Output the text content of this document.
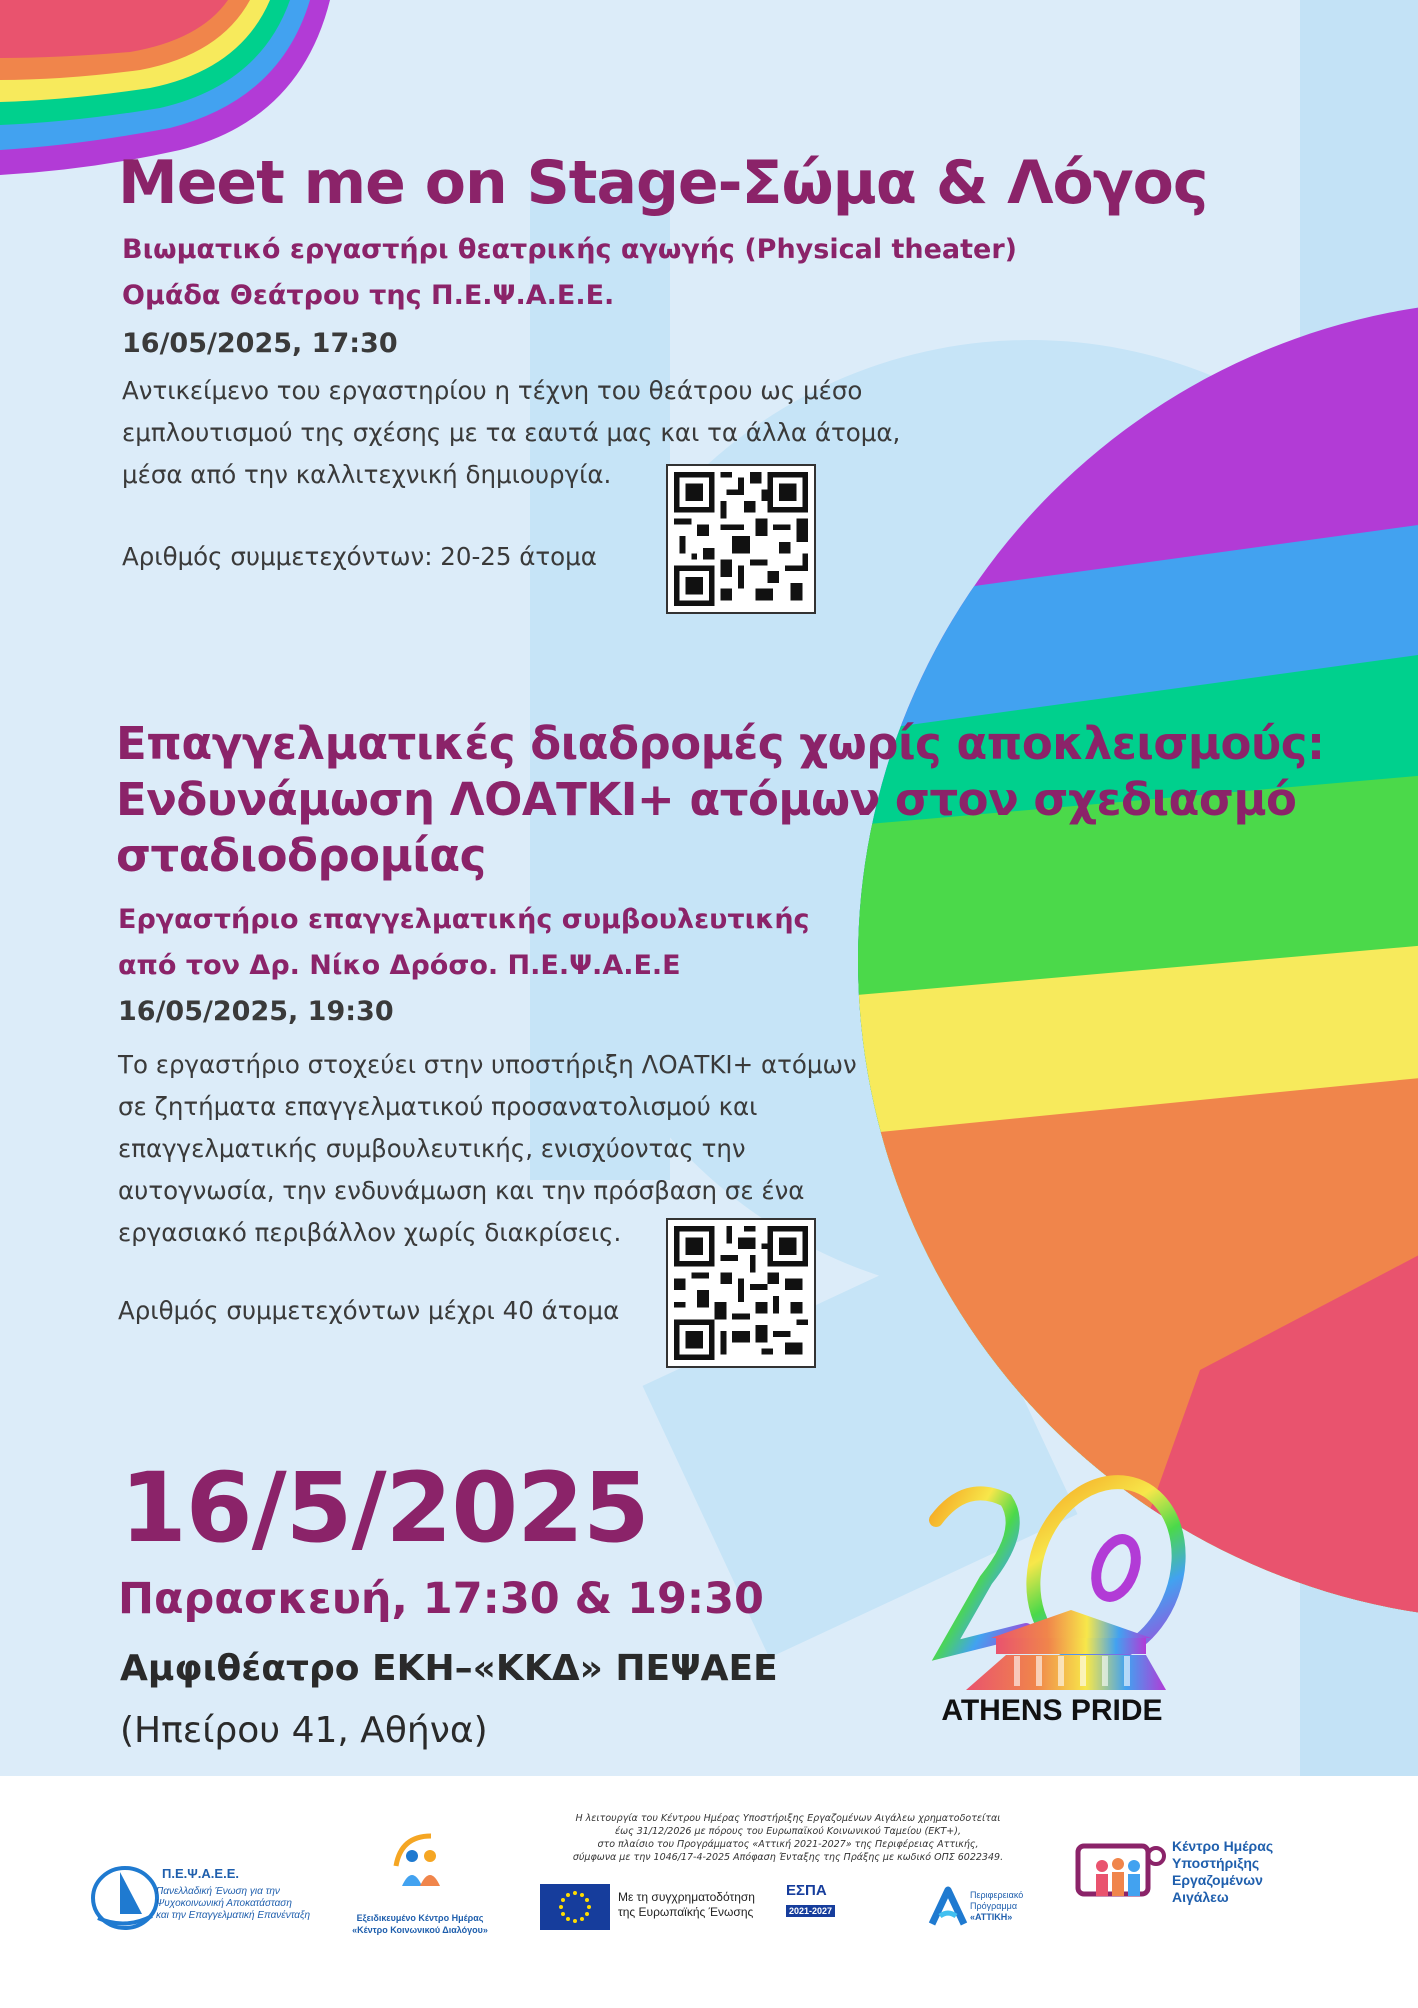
Meet me on Stage-Σώμα & Λόγος
Βιωματικό εργαστήρι θεατρικής αγωγής (Physical theater)
Ομάδα Θεάτρου της Π.Ε.Ψ.Α.Ε.Ε.
16/05/2025, 17:30
Αντικείμενο του εργαστηρίου η τέχνη του θεάτρου ως μέσο
εμπλουτισμού της σχέσης με τα εαυτά μας και τα άλλα άτομα,
μέσα από την καλλιτεχνική δημιουργία.
Αριθμός συμμετεχόντων: 20-25 άτομα
Επαγγελματικές διαδρομές χωρίς αποκλεισμούς:
Ενδυνάμωση ΛΟΑΤΚΙ+ ατόμων στον σχεδιασμό
σταδιοδρομίας
Εργαστήριο επαγγελματικής συμβουλευτικής
από τον Δρ. Νίκο Δρόσο. Π.Ε.Ψ.Α.Ε.Ε
16/05/2025, 19:30
Το εργαστήριο στοχεύει στην υποστήριξη ΛΟΑΤΚΙ+ ατόμων
σε ζητήματα επαγγελματικού προσανατολισμού και
επαγγελματικής συμβουλευτικής, ενισχύοντας την
αυτογνωσία, την ενδυνάμωση και την πρόσβαση σε ένα
εργασιακό περιβάλλον χωρίς διακρίσεις.
Αριθμός συμμετεχόντων μέχρι 40 άτομα
16/5/2025
Παρασκευή, 17:30 & 19:30
Αμφιθέατρο ΕΚΗ–«ΚΚΔ» ΠΕΨΑΕΕ
(Ηπείρου 41, Αθήνα)	ATHENS PRIDE
Π.Ε.Ψ.Α.Ε.Ε.
Πανελλαδική Ένωση για την
Ψυχοκοινωνική Αποκατάσταση
και την Επαγγελματική Επανένταξη	Εξειδικευμένο Κέντρο Ημέρας
«Κέντρο Κοινωνικού Διαλόγου»
Η λειτουργία του Κέντρου Ημέρας Υποστήριξης Εργαζομένων Αιγάλεω χρηματοδοτείται
έως 31/12/2026 με πόρους του Ευρωπαϊκού Κοινωνικού Ταμείου (ΕΚΤ+),
στο πλαίσιο του Προγράμματος «Αττική 2021-2027» της Περιφέρειας Αττικής,
σύμφωνα με την 1046/17-4-2025 Απόφαση Ένταξης της Πράξης με κωδικό ΟΠΣ 6022349.
Με τη συγχρηματοδότηση
της Ευρωπαϊκής Ένωσης
ΕΣΠΑ
2021-2027
Περιφερειακό
Πρόγραμμα
«ΑΤΤΙΚΗ»
Κέντρο Ημέρας
Υποστήριξης
Εργαζομένων
Αιγάλεω
